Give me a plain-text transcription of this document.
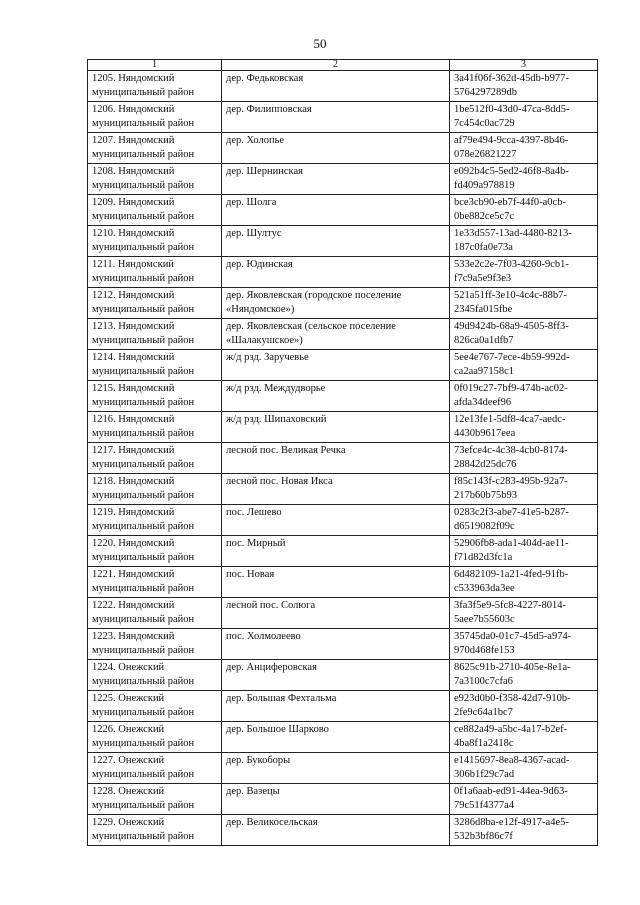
50
1	2	3

1205. Няндомский
муниципальный район	дер. Федьковская	3a41f06f-362d-45db-b977-
5764297289db

1206. Няндомский
муниципальный район	дер. Филипповская	1be512f0-43d0-47ca-8dd5-
7c454c0ac729

1207. Няндомский
муниципальный район	дер. Холопье	af79e494-9cca-4397-8b46-
078e26821227

1208. Няндомский
муниципальный район	дер. Шернинская	e092b4c5-5ed2-46f8-8a4b-
fd409a978819

1209. Няндомский
муниципальный район	дер. Шолга	bce3cb90-eb7f-44f0-a0cb-
0be882ce5c7c

1210. Няндомский
муниципальный район	дер. Шултус	1e33d557-13ad-4480-8213-
187c0fa0e73a

1211. Няндомский
муниципальный район	дер. Юдинская	533e2c2e-7f03-4260-9cb1-
f7c9a5e9f3e3

1212. Няндомский
муниципальный район	дер. Яковлевская (городское поселение
«Няндомское»)	521a51ff-3e10-4c4c-88b7-
2345fa015fbe

1213. Няндомский
муниципальный район	дер. Яковлевская (сельское поселение
«Шалакушское»)	49d9424b-68a9-4505-8ff3-
826ca0a1dfb7

1214. Няндомский
муниципальный район	ж/д рзд. Заручевье	5ee4e767-7ece-4b59-992d-
ca2aa97158c1

1215. Няндомский
муниципальный район	ж/д рзд. Междудворье	0f019c27-7bf9-474b-ac02-
afda34deef96

1216. Няндомский
муниципальный район	ж/д рзд. Шипаховский	12e13fe1-5df8-4ca7-aedc-
4430b9617eea

1217. Няндомский
муниципальный район	лесной пос. Великая Речка	73efce4c-4c38-4cb0-8174-
28842d25dc76

1218. Няндомский
муниципальный район	лесной пос. Новая Икса	f85c143f-c283-495b-92a7-
217b60b75b93

1219. Няндомский
муниципальный район	пос. Лешево	0283c2f3-abe7-41e5-b287-
d6519082f09c

1220. Няндомский
муниципальный район	пос. Мирный	52906fb8-ada1-404d-ae11-
f71d82d3fc1a

1221. Няндомский
муниципальный район	пос. Новая	6d482109-1a21-4fed-91fb-
c533963da3ee

1222. Няндомский
муниципальный район	лесной пос. Солюга	3fa3f5e9-5fc8-4227-8014-
5aee7b55603c

1223. Няндомский
муниципальный район	пос. Холмолеево	35745da0-01c7-45d5-a974-
970d468fe153

1224. Онежский
муниципальный район	дер. Анциферовская	8625c91b-2710-405e-8e1a-
7a3100c7cfa6

1225. Онежский
муниципальный район	дер. Большая Фехтальма	e923d0b0-f358-42d7-910b-
2fe9c64a1bc7

1226. Онежский
муниципальный район	дер. Большое Шарково	ce882a49-a5bc-4a17-b2ef-
4ba8f1a2418c

1227. Онежский
муниципальный район	дер. Букоборы	e1415697-8ea8-4367-acad-
306b1f29c7ad

1228. Онежский
муниципальный район	дер. Вазецы	0f1a6aab-ed91-44ea-9d63-
79c51f4377a4

1229. Онежский
муниципальный район	дер. Великосельская	3286d8ba-e12f-4917-a4e5-
532b3bf86c7f
